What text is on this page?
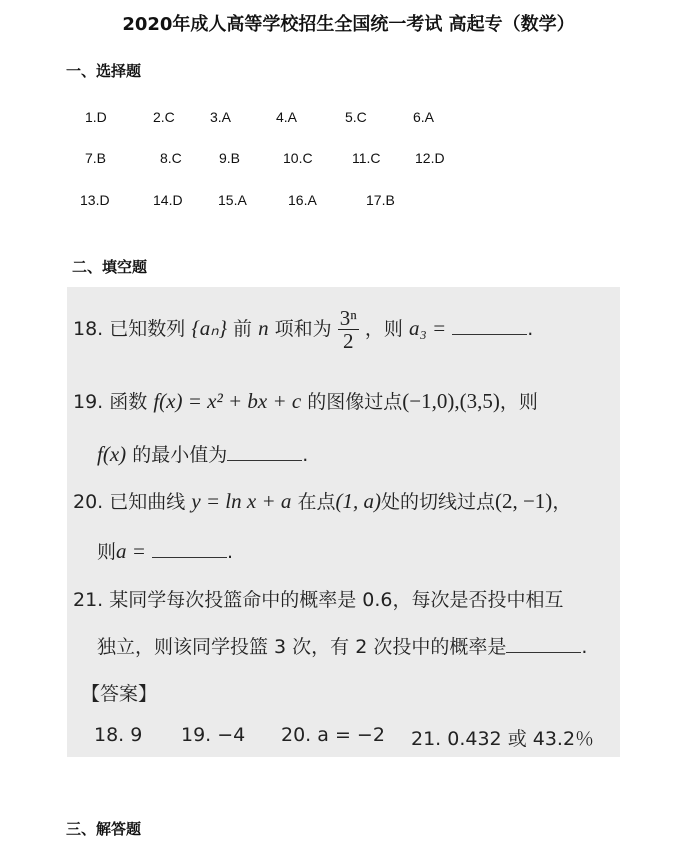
2020年成人高等学校招生全国统一考试 高起专（数学）
一、选择题
1.D	2.C	3.A	4.A	5.C	6.A
7.B	8.C	9.B	10.C	11.C 12.D
13.D	14.D	15.A	16.A	17.B
二、填空题
18. 已知数列 {aₙ} 前 n 项和为 $\frac{\text{3ⁿ}}{2}$ ，则 a₃ =	.
19. 函数 f(x) = x² + bx + c 的图像过点(−1,0),(3,5)，则
f(x) 的最小值为	.
20. 已知曲线 y = ln x + a 在点(1, a)处的切线过点(2, −1)，
则a =	.
21. 某同学每次投篮命中的概率是 0.6，每次是否投中相互
独立，则该同学投篮 3 次，有 2 次投中的概率是	.
【答案】
18. 9 19. −4 20. a = −2 21. 0.432 或 43.2％
三、解答题
